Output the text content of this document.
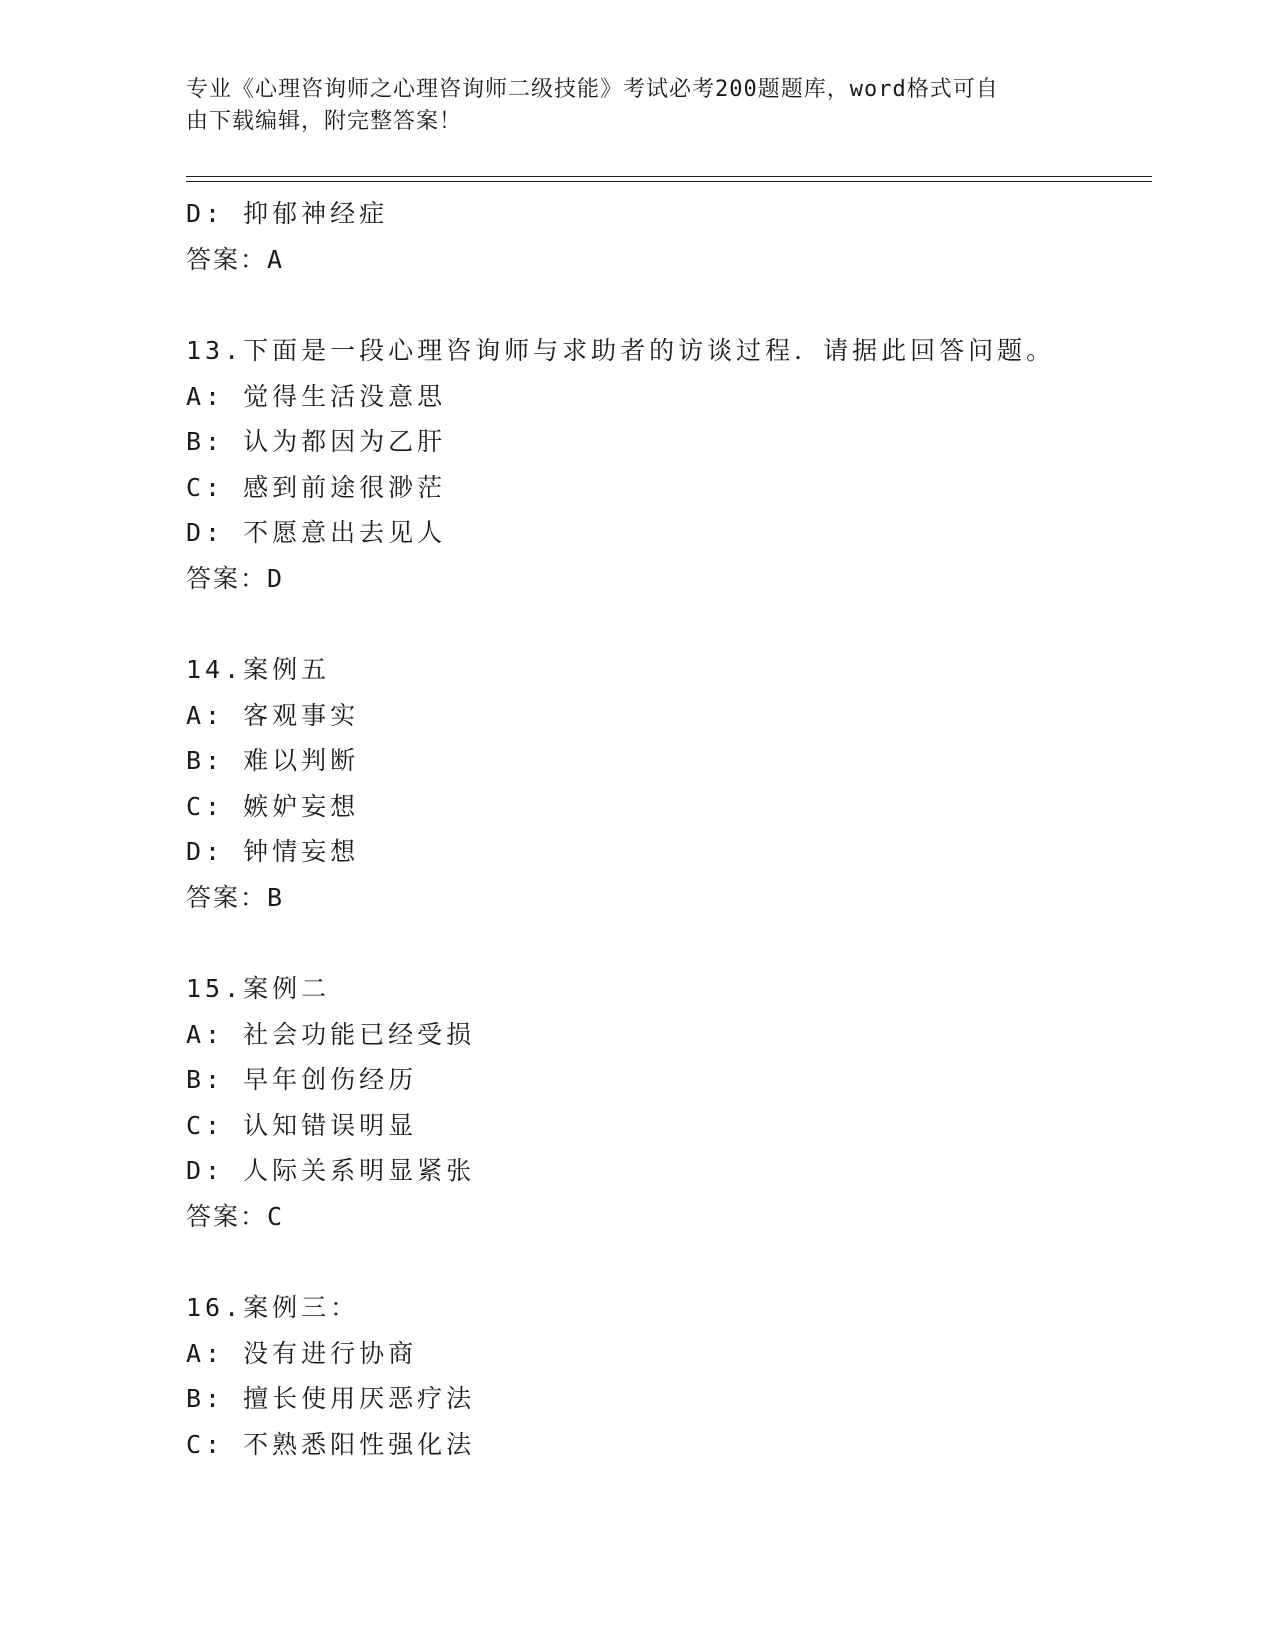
专业《心理咨询师之心理咨询师二级技能》考试必考200题题库，word格式可自
由下载编辑，附完整答案！
D: 抑郁神经症
答案：A
13.下面是一段心理咨询师与求助者的访谈过程．请据此回答问题。
A: 觉得生活没意思
B: 认为都因为乙肝
C: 感到前途很渺茫
D: 不愿意出去见人
答案：D
14.案例五
A: 客观事实
B: 难以判断
C: 嫉妒妄想
D: 钟情妄想
答案：B
15.案例二
A: 社会功能已经受损
B: 早年创伤经历
C: 认知错误明显
D: 人际关系明显紧张
答案：C
16.案例三：
A: 没有进行协商
B: 擅长使用厌恶疗法
C: 不熟悉阳性强化法
